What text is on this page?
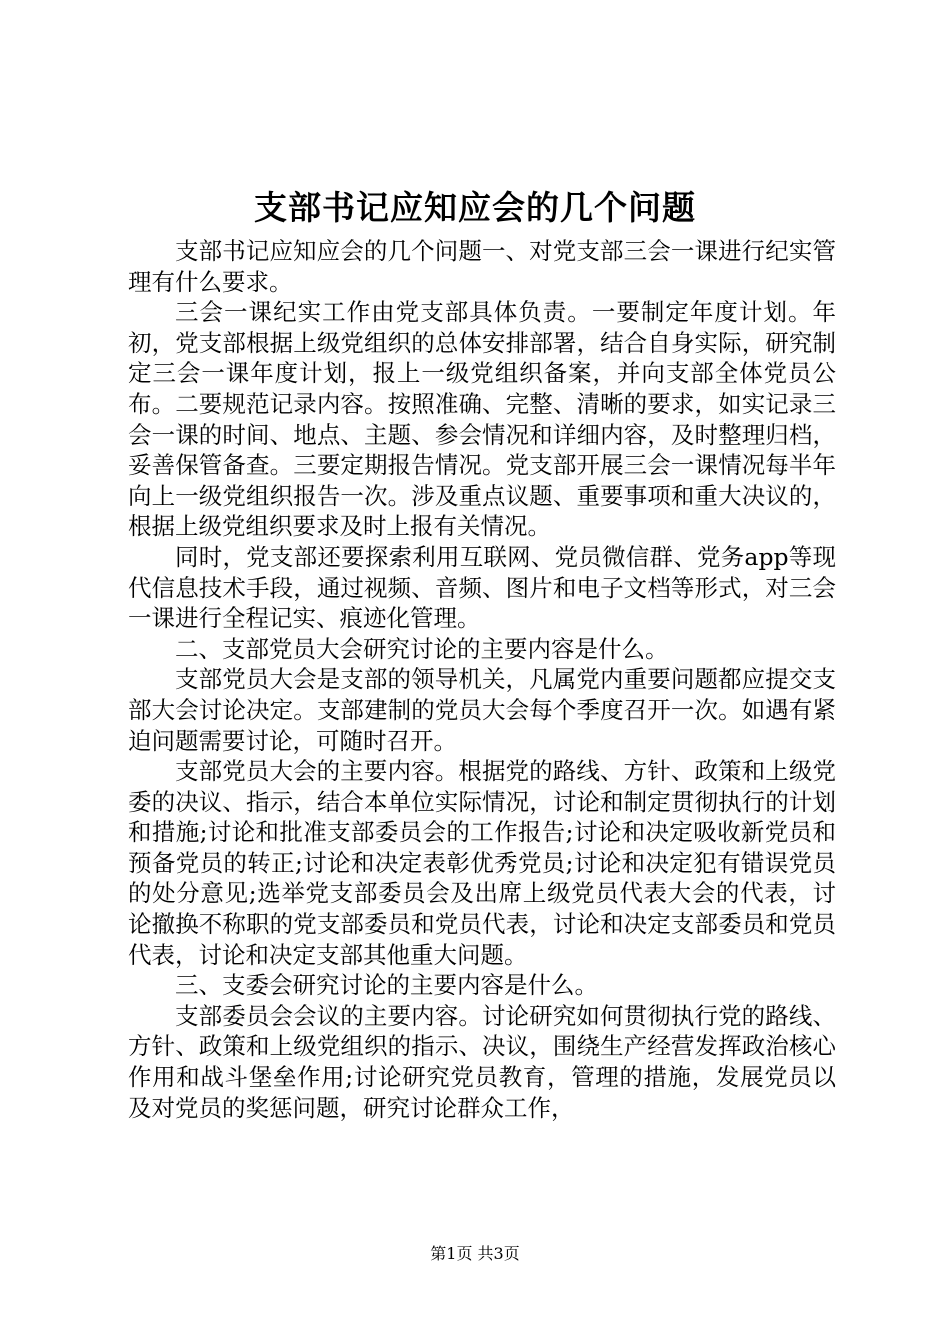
支部书记应知应会的几个问题

支部书记应知应会的几个问题一、对党支部三会一课进行纪实管理有什么要求。

三会一课纪实工作由党支部具体负责。一要制定年度计划。年初，党支部根据上级党组织的总体安排部署，结合自身实际，研究制定三会一课年度计划，报上一级党组织备案，并向支部全体党员公布。二要规范记录内容。按照准确、完整、清晰的要求，如实记录三会一课的时间、地点、主题、参会情况和详细内容，及时整理归档，妥善保管备查。三要定期报告情况。党支部开展三会一课情况每半年向上一级党组织报告一次。涉及重点议题、重要事项和重大决议的，根据上级党组织要求及时上报有关情况。

同时，党支部还要探索利用互联网、党员微信群、党务app等现代信息技术手段，通过视频、音频、图片和电子文档等形式，对三会一课进行全程记实、痕迹化管理。

二、支部党员大会研究讨论的主要内容是什么。

支部党员大会是支部的领导机关，凡属党内重要问题都应提交支部大会讨论决定。支部建制的党员大会每个季度召开一次。如遇有紧迫问题需要讨论，可随时召开。

支部党员大会的主要内容。根据党的路线、方针、政策和上级党委的决议、指示，结合本单位实际情况，讨论和制定贯彻执行的计划和措施;讨论和批准支部委员会的工作报告;讨论和决定吸收新党员和预备党员的转正;讨论和决定表彰优秀党员;讨论和决定犯有错误党员的处分意见;选举党支部委员会及出席上级党员代表大会的代表，讨论撤换不称职的党支部委员和党员代表，讨论和决定支部委员和党员代表，讨论和决定支部其他重大问题。

三、支委会研究讨论的主要内容是什么。

支部委员会会议的主要内容。讨论研究如何贯彻执行党的路线、方针、政策和上级党组织的指示、决议，围绕生产经营发挥政治核心作用和战斗堡垒作用;讨论研究党员教育，管理的措施，发展党员以及对党员的奖惩问题，研究讨论群众工作，

第1页 共3页
